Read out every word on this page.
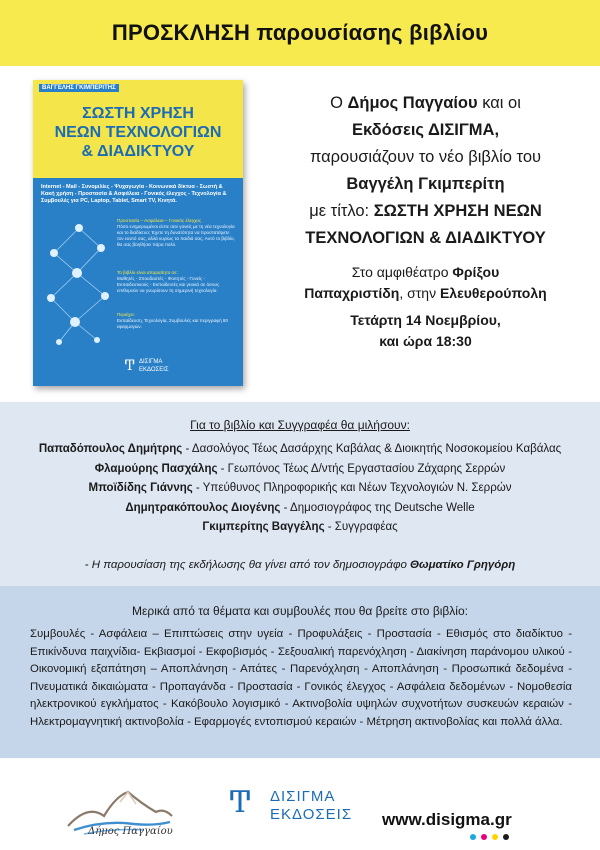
ΠΡΟΣΚΛΗΣΗ παρουσίασης βιβλίου
ΒΑΓΓΕΛΗΣ ΓΚΙΜΠΕΡΙΤΗΣ
ΣΩΣΤΗ ΧΡΗΣΗ
ΝΕΩΝ ΤΕΧΝΟΛΟΓΙΩΝ
& ΔΙΑΔΙΚΤΥΟΥ
Internet - Mail - Συνομιλίες - Ψυχαγωγία - Κοινωνικά δίκτυα - Σωστή & Κακή χρήση - Προστασία & Ασφάλεια - Γονικός έλεγχος - Τεχνολογία & Συμβουλές για PC, Laptop, Tablet, Smart TV, Κινητά.
Προστασία – Ασφάλεια – Γονικός έλεγχος
Πόσο ενημερωμένοι είστε σαν γονείς με τη νέα τεχνολογία και το διαδίκτυο; Έχετε τη δυνατότητα να προστατέψετε τον εαυτό σας, αλλά κυρίως τα παιδιά σας; Αυτό το βιβλίο, θα σας βοηθήσει πάρα πολύ.
Το βιβλίο είναι απαραίτητο σε:
Μαθητές - Σπουδαστές - Φοιτητές - Γονείς - Εκπαιδευτικούς - Εκπαιδευτές και γενικά σε όσους επιθυμούν να γνωρίσουν τη σημερινή τεχνολογία.
Περιέχει:
Εκπαίδευση, Τεχνολογία, Συμβουλές και περιγραφή 80 εφαρμογών.
Ͳ ΔΙΣΙΓΜΑ
ΕΚΔΟΣΕΙΣ
Ο Δήμος Παγγαίου και οι
Εκδόσεις ΔΙΣΙΓΜΑ,
παρουσιάζουν το νέο βιβλίο του
Βαγγέλη Γκιμπερίτη
με τίτλο: ΣΩΣΤΗ ΧΡΗΣΗ ΝΕΩΝ
ΤΕΧΝΟΛΟΓΙΩΝ & ΔΙΑΔΙΚΤΥΟΥ
Στο αμφιθέατρο Φρίξου
Παπαχριστίδη, στην Ελευθερούπολη
Τετάρτη 14 Νοεμβρίου,
και ώρα 18:30
Για το βιβλίο και Συγγραφέα θα μιλήσουν:
Παπαδόπουλος Δημήτρης - Δασολόγος Τέως Δασάρχης Καβάλας & Διοικητής Νοσοκομείου Καβάλας
Φλαμούρης Πασχάλης - Γεωπόνος Τέως Δ/ντής Εργαστασίου Ζάχαρης Σερρών
Μποϊδίδης Γιάννης - Υπεύθυνος Πληροφορικής και Νέων Τεχνολογιών Ν. Σερρών
Δημητρακόπουλος Διογένης - Δημοσιογράφος της Deutsche Welle
Γκιμπερίτης Βαγγέλης - Συγγραφέας
- Η παρουσίαση της εκδήλωσης θα γίνει από τον δημοσιογράφο Θωματίκο Γρηγόρη
Μερικά από τα θέματα και συμβουλές που θα βρείτε στο βιβλίο:
Συμβουλές - Ασφάλεια – Επιπτώσεις στην υγεία - Προφυλάξεις - Προστασία - Εθισμός στο διαδίκτυο - Επικίνδυνα παιχνίδια- Εκβιασμοί - Εκφοβισμός - Σεξουαλική παρενόχληση - Διακίνηση παράνομου υλικού - Οικονομική εξαπάτηση – Αποπλάνηση - Απάτες - Παρενόχληση - Αποπλάνηση - Προσωπικά δεδομένα - Πνευματικά δικαιώματα - Προπαγάνδα - Προστασία - Γονικός έλεγχος - Ασφάλεια δεδομένων - Νομοθεσία ηλεκτρονικού εγκλήματος - Κακόβουλο λογισμικό - Ακτινοβολία υψηλών συχνοτήτων συσκευών κεραιών - Ηλεκτρομαγνητική ακτινοβολία - Εφαρμογές εντοπισμού κεραιών - Μέτρηση ακτινοβολίας και πολλά άλλα.
Δήμος Παγγαίου
Ͳ ΔΙΣΙΓΜΑ
ΕΚΔΟΣΕΙΣ www.disigma.gr
